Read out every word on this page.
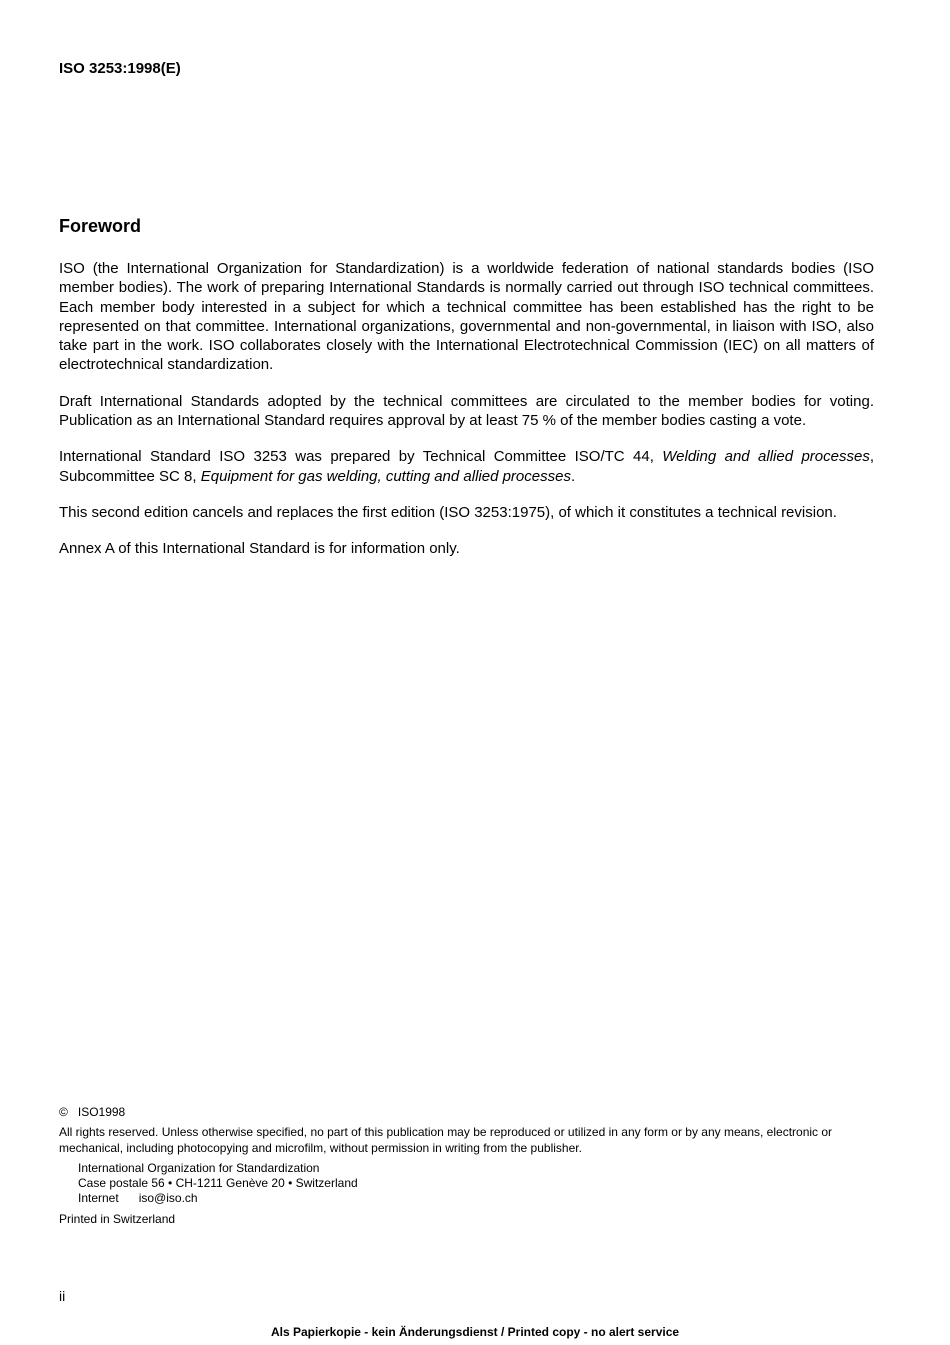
ISO 3253:1998(E)
Foreword

ISO (the International Organization for Standardization) is a worldwide federation of national standards bodies (ISO member bodies). The work of preparing International Standards is normally carried out through ISO technical committees. Each member body interested in a subject for which a technical committee has been established has the right to be represented on that committee. International organizations, governmental and non-governmental, in liaison with ISO, also take part in the work. ISO collaborates closely with the International Electrotechnical Commission (IEC) on all matters of electrotechnical standardization.

Draft International Standards adopted by the technical committees are circulated to the member bodies for voting. Publication as an International Standard requires approval by at least 75 % of the member bodies casting a vote.

International Standard ISO 3253 was prepared by Technical Committee ISO/TC 44, Welding and allied processes, Subcommittee SC 8, Equipment for gas welding, cutting and allied processes.

This second edition cancels and replaces the first edition (ISO 3253:1975), of which it constitutes a technical revision.

Annex A of this International Standard is for information only.

© ISO1998

All rights reserved. Unless otherwise specified, no part of this publication may be reproduced or utilized in any form or by any means, electronic or mechanical, including photocopying and microfilm, without permission in writing from the publisher.

International Organization for Standardization
Case postale 56 • CH-1211 Genève 20 • Switzerland
Internet iso@iso.ch

Printed in Switzerland

ii
Als Papierkopie - kein Änderungsdienst / Printed copy - no alert service
